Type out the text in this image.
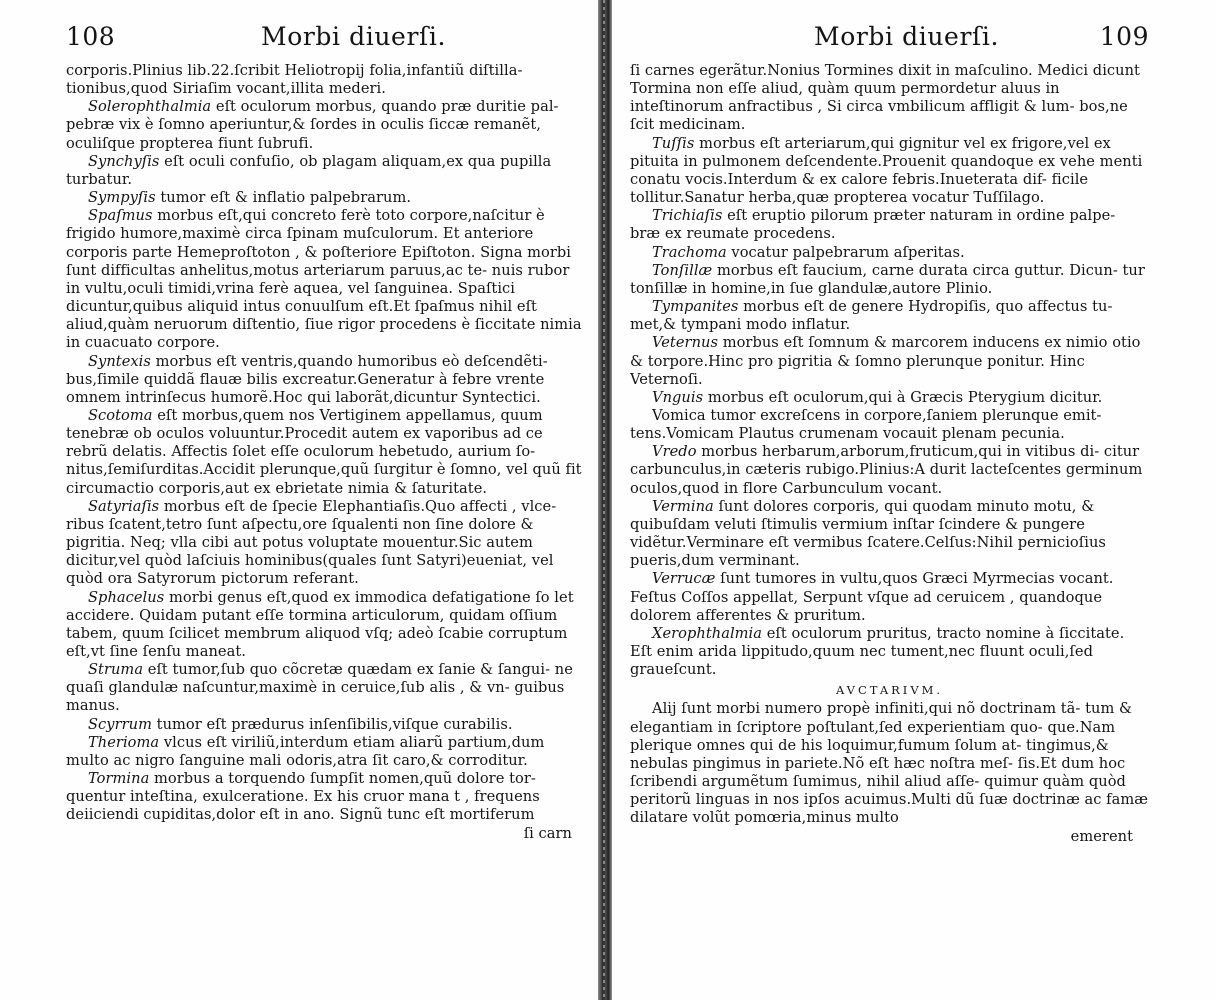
108	Morbi diuerſi.

corporis.Plinius lib.22.ſcribit Heliotropij folia,infantiũ diſtilla- tionibus,quod Siriaſim vocant,illita mederi.

Solerophthalmia eſt oculorum morbus, quando præ duritie pal- pebræ vix è ſomno aperiuntur,& ſordes in oculis ſiccæ remanẽt, oculiſque propterea fiunt ſubrufi.

Synchyſis eſt oculi confuſio, ob plagam aliquam,ex qua pupilla turbatur.

Sympyſis tumor eſt & inflatio palpebrarum.

Spaſmus morbus eſt,qui concreto ferè toto corpore,naſcitur è frigido humore,maximè circa ſpinam muſculorum. Et anteriore corporis parte Hemeproſtoton , & poſteriore Epiſtoton. Signa morbi ſunt difficultas anhelitus,motus arteriarum paruus,ac te- nuis rubor in vultu,oculi timidi,vrina ferè aquea, vel ſanguinea. Spaſtici dicuntur,quibus aliquid intus conuulſum eſt.Et ſpaſmus nihil eſt aliud,quàm neruorum diſtentio, ſiue rigor procedens è ſiccitate nimia in cuacuato corpore.

Syntexis morbus eſt ventris,quando humoribus eò deſcendẽti- bus,ſimile quiddã flauæ bilis excreatur.Generatur à febre vrente omnem intrinſecus humorẽ.Hoc qui laborãt,dicuntur Syntectici.

Scotoma eſt morbus,quem nos Vertiginem appellamus, quum tenebræ ob oculos voluuntur.Procedit autem ex vaporibus ad ce rebrũ delatis. Affectis ſolet eſſe oculorum hebetudo, aurium ſo- nitus,ſemiſurditas.Accidit plerunque,quũ ſurgitur è ſomno, vel quũ fit circumactio corporis,aut ex ebrietate nimia & ſaturitate.

Satyriaſis morbus eſt de ſpecie Elephantiaſis.Quo affecti , vlce- ribus ſcatent,tetro ſunt aſpectu,ore ſqualenti non ſine dolore & pigritia. Neq; vlla cibi aut potus voluptate mouentur.Sic autem dicitur,vel quòd laſciuis hominibus(quales ſunt Satyri)eueniat, vel quòd ora Satyrorum pictorum referant.

Sphacelus morbi genus eſt,quod ex immodica defatigatione ſo let accidere. Quidam putant eſſe tormina articulorum, quidam oſſium tabem, quum ſcilicet membrum aliquod vſq; adeò ſcabie corruptum eſt,vt ſine ſenſu maneat.

Struma eſt tumor,ſub quo cõcretæ quædam ex ſanie & ſangui- ne quaſi glandulæ naſcuntur,maximè in ceruice,ſub alis , & vn- guibus manus.

Scyrrum tumor eſt prædurus inſenſibilis,viſque curabilis.

Therioma vlcus eſt viriliũ,interdum etiam aliarũ partium,dum multo ac nigro ſanguine mali odoris,atra ſit caro,& corroditur.

Tormina morbus a torquendo ſumpſit nomen,quũ dolore tor- quentur inteſtina, exulceratione. Ex his cruor mana t , frequens deiiciendi cupiditas,dolor eſt in ano. Signũ tunc eſt mortiferum

ſi carn
Morbi diuerſi.	109

ſi carnes egerãtur.Nonius Tormines dixit in maſculino. Medici dicunt Tormina non eſſe aliud, quàm quum permordetur aluus in inteſtinorum anfractibus , Si circa vmbilicum affligit & lum- bos,ne ſcit medicinam.

Tuſſis morbus eſt arteriarum,qui gignitur vel ex frigore,vel ex pituita in pulmonem deſcendente.Prouenit quandoque ex vehe menti conatu vocis.Interdum & ex calore febris.Inueterata dif- ficile tollitur.Sanatur herba,quæ propterea vocatur Tuſſilago.

Trichiaſis eſt eruptio pilorum præter naturam in ordine palpe- bræ ex reumate procedens.

Trachoma vocatur palpebrarum aſperitas.

Tonſillæ morbus eſt faucium, carne durata circa guttur. Dicun- tur tonſillæ in homine,in ſue glandulæ,autore Plinio.

Tympanites morbus eſt de genere Hydropiſis, quo affectus tu- met,& tympani modo inflatur.

Veternus morbus eſt ſomnum & marcorem inducens ex nimio otio & torpore.Hinc pro pigritia & ſomno plerunque ponitur. Hinc Veternoſi.

Vnguis morbus eſt oculorum,qui à Græcis Pterygium dicitur.

Vomica tumor excreſcens in corpore,ſaniem plerunque emit- tens.Vomicam Plautus crumenam vocauit plenam pecunia.

Vredo morbus herbarum,arborum,fruticum,qui in vitibus di- citur carbunculus,in cæteris rubigo.Plinius:A durit lacteſcentes germinum oculos,quod in flore Carbunculum vocant.

Vermina ſunt dolores corporis, qui quodam minuto motu, & quibuſdam veluti ſtimulis vermium inſtar ſcindere & pungere vidẽtur.Verminare eſt vermibus ſcatere.Celſus:Nihil pernicioſius pueris,dum verminant.

Verrucæ ſunt tumores in vultu,quos Græci Myrmecias vocant. Feſtus Coſſos appellat, Serpunt vſque ad ceruicem , quandoque dolorem afferentes & pruritum.

Xerophthalmia eſt oculorum pruritus, tracto nomine à ſiccitate. Eſt enim arida lippitudo,quum nec tument,nec fluunt oculi,ſed graueſcunt.

AVCTARIVM.

Alij ſunt morbi numero propè infiniti,qui nõ doctrinam tã- tum & elegantiam in ſcriptore poſtulant,ſed experientiam quo- que.Nam plerique omnes qui de his loquimur,fumum ſolum at- tingimus,& nebulas pingimus in pariete.Nõ eſt hæc noſtra meſ- ſis.Et dum hoc ſcribendi argumẽtum ſumimus, nihil aliud aſſe- quimur quàm quòd peritorũ linguas in nos ipſos acuimus.Multi dũ ſuæ doctrinæ ac famæ dilatare volũt pomœria,minus multo

emerent
